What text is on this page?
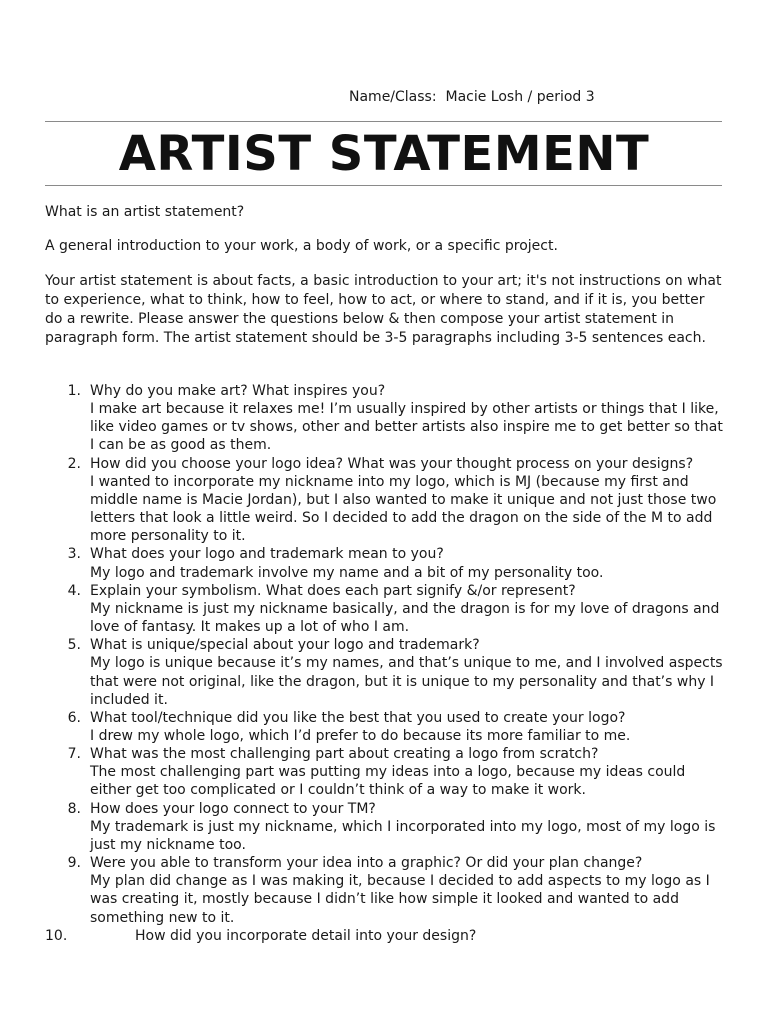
Name/Class: Macie Losh / period 3
ARTIST STATEMENT
What is an artist statement?
A general introduction to your work, a body of work, or a specific project.
Your artist statement is about facts, a basic introduction to your art; it's not instructions on what to experience, what to think, how to feel, how to act, or where to stand, and if it is, you better do a rewrite. Please answer the questions below & then compose your artist statement in paragraph form. The artist statement should be 3-5 paragraphs including 3-5 sentences each.
1. Why do you make art? What inspires you?
I make art because it relaxes me! I’m usually inspired by other artists or things that I like, like video games or tv shows, other and better artists also inspire me to get better so that I can be as good as them.
2. How did you choose your logo idea? What was your thought process on your designs?
I wanted to incorporate my nickname into my logo, which is MJ (because my first and middle name is Macie Jordan), but I also wanted to make it unique and not just those two letters that look a little weird. So I decided to add the dragon on the side of the M to add more personality to it.
3. What does your logo and trademark mean to you?
My logo and trademark involve my name and a bit of my personality too.
4. Explain your symbolism. What does each part signify &/or represent?
My nickname is just my nickname basically, and the dragon is for my love of dragons and love of fantasy. It makes up a lot of who I am.
5. What is unique/special about your logo and trademark?
My logo is unique because it’s my names, and that’s unique to me, and I involved aspects that were not original, like the dragon, but it is unique to my personality and that’s why I included it.
6. What tool/technique did you like the best that you used to create your logo?
I drew my whole logo, which I’d prefer to do because its more familiar to me.
7. What was the most challenging part about creating a logo from scratch?
The most challenging part was putting my ideas into a logo, because my ideas could either get too complicated or I couldn’t think of a way to make it work.
8. How does your logo connect to your TM?
My trademark is just my nickname, which I incorporated into my logo, most of my logo is just my nickname too.
9. Were you able to transform your idea into a graphic? Or did your plan change?
My plan did change as I was making it, because I decided to add aspects to my logo as I was creating it, mostly because I didn’t like how simple it looked and wanted to add something new to it.
10.	How did you incorporate detail into your design?
